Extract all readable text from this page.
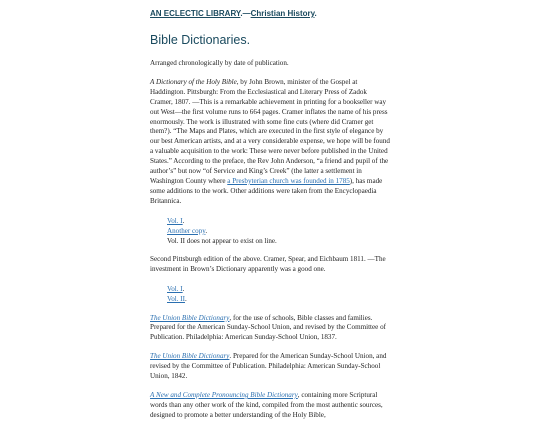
AN ECLECTIC LIBRARY.—Christian History.
Bible Dictionaries.

Arranged chronologically by date of publication.

A Dictionary of the Holy Bible, by John Brown, minister of the Gospel at Haddington. Pittsburgh: From the Ecclesiastical and Literary Press of Zadok Cramer, 1807. —This is a remarkable achievement in printing for a bookseller way out West—the first volume runs to 664 pages. Cramer inflates the name of his press enormously. The work is illustrated with some fine cuts (where did Cramer get them?). “The Maps and Plates, which are executed in the first style of elegance by our best American artists, and at a very considerable expense, we hope will be found a valuable acquisition to the work: These were never before published in the United States.” According to the preface, the Rev John Anderson, “a friend and pupil of the author’s” but now “of Service and King’s Creek” (the latter a settlement in Washington County where a Presbyterian church was founded in 1785), has made some additions to the work. Other additions were taken from the Encyclopaedia Britannica.

Vol. I.
Another copy.
Vol. II does not appear to exist on line.

Second Pittsburgh edition of the above. Cramer, Spear, and Eichbaum 1811. —The investment in Brown’s Dictionary apparently was a good one.

Vol. I.
Vol. II.

The Union Bible Dictionary, for the use of schools, Bible classes and families. Prepared for the American Sunday-School Union, and revised by the Committee of Publication. Philadelphia: American Sunday-School Union, 1837.

The Union Bible Dictionary. Prepared for the American Sunday-School Union, and revised by the Committee of Publication. Philadelphia: American Sunday-School Union, 1842.

A New and Complete Pronouncing Bible Dictionary, containing more Scriptural words than any other work of the kind, compiled from the most authentic sources, designed to promote a better understanding of the Holy Bible,
